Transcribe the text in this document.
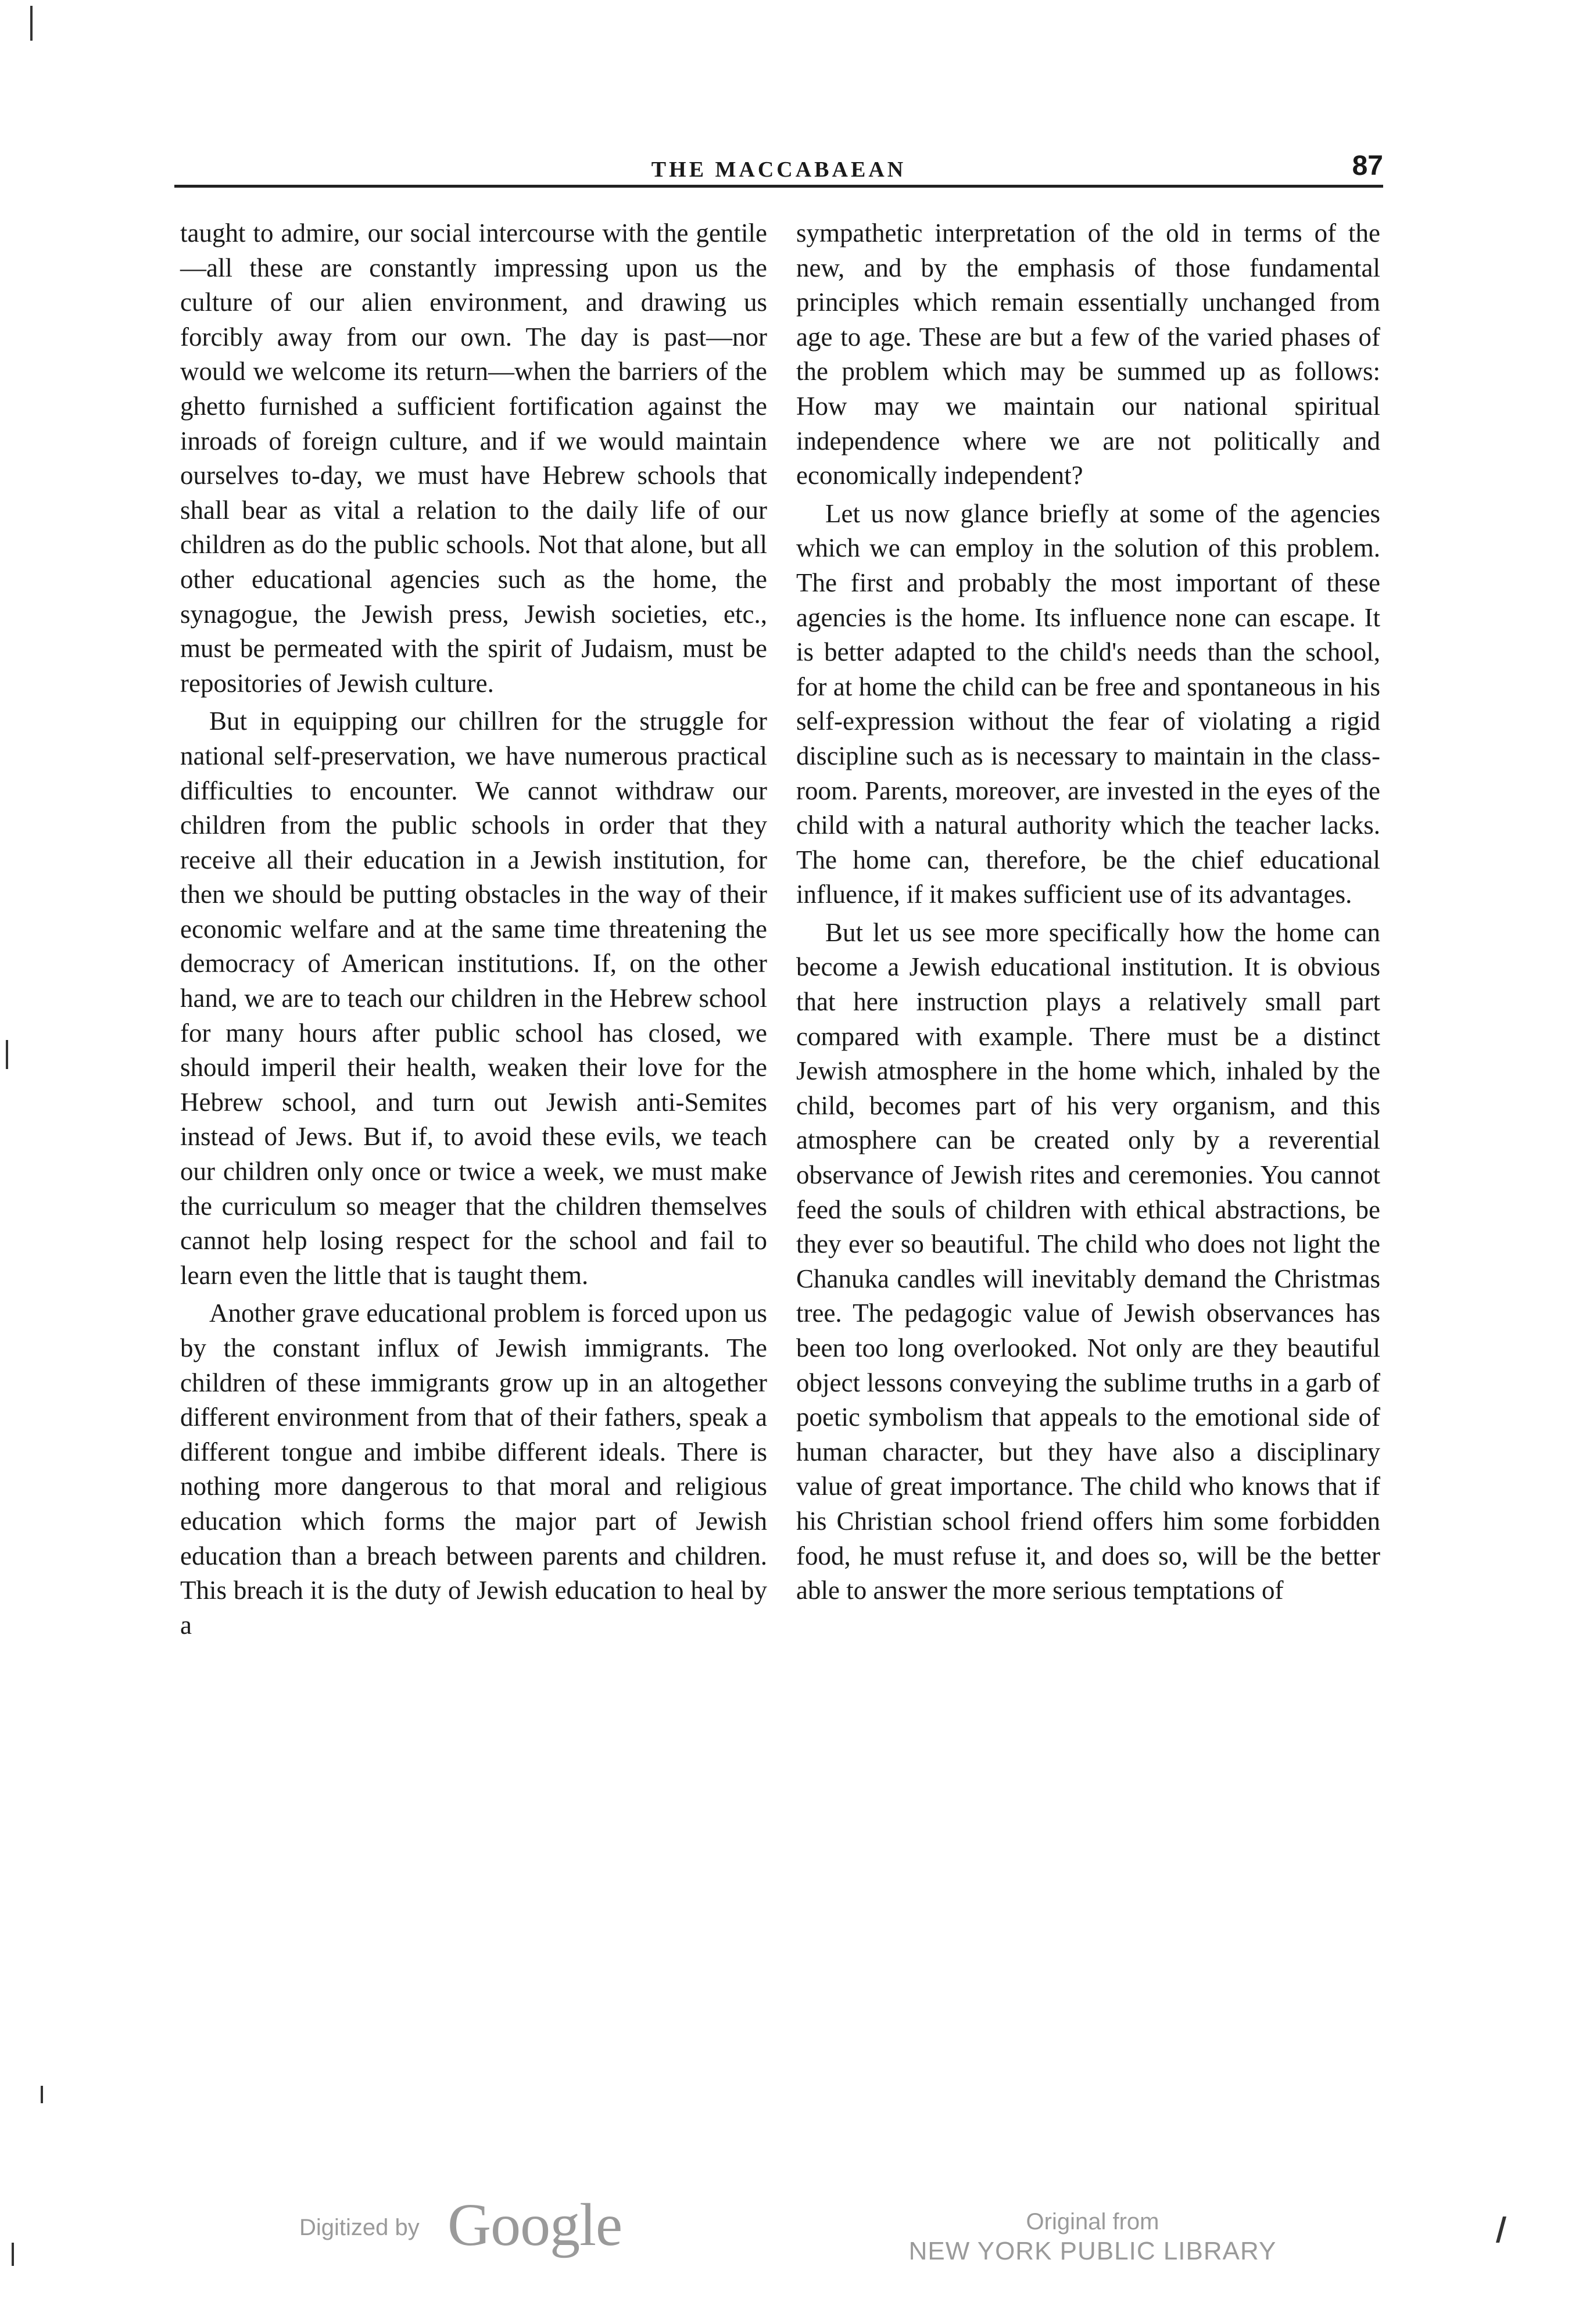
THE MACCABAEAN	87

taught to admire, our social intercourse with the gentile—all these are constantly impressing upon us the culture of our alien environment, and drawing us forcibly away from our own. The day is past—nor would we welcome its return—when the barriers of the ghetto furnished a sufficient fortification against the inroads of foreign culture, and if we would maintain ourselves to-day, we must have Hebrew schools that shall bear as vital a relation to the daily life of our children as do the public schools. Not that alone, but all other educational agencies such as the home, the synagogue, the Jewish press, Jewish societies, etc., must be permeated with the spirit of Judaism, must be repositories of Jewish culture.

But in equipping our chillren for the struggle for national self-preservation, we have numerous practical difficulties to encounter. We cannot withdraw our children from the public schools in order that they receive all their education in a Jewish institution, for then we should be putting obstacles in the way of their economic welfare and at the same time threatening the democracy of American institutions. If, on the other hand, we are to teach our children in the Hebrew school for many hours after public school has closed, we should imperil their health, weaken their love for the Hebrew school, and turn out Jewish anti-Semites instead of Jews. But if, to avoid these evils, we teach our children only once or twice a week, we must make the curriculum so meager that the children themselves cannot help losing respect for the school and fail to learn even the little that is taught them.

Another grave educational problem is forced upon us by the constant influx of Jewish immigrants. The children of these immigrants grow up in an altogether different environment from that of their fathers, speak a different tongue and imbibe different ideals. There is nothing more dangerous to that moral and religious education which forms the major part of Jewish education than a breach between parents and children. This breach it is the duty of Jewish education to heal by a

sympathetic interpretation of the old in terms of the new, and by the emphasis of those fundamental principles which remain essentially unchanged from age to age. These are but a few of the varied phases of the problem which may be summed up as follows: How may we maintain our national spiritual independence where we are not politically and economically independent?

Let us now glance briefly at some of the agencies which we can employ in the solution of this problem. The first and probably the most important of these agencies is the home. Its influence none can escape. It is better adapted to the child's needs than the school, for at home the child can be free and spontaneous in his self-expression without the fear of violating a rigid discipline such as is necessary to maintain in the class-room. Parents, moreover, are invested in the eyes of the child with a natural authority which the teacher lacks. The home can, therefore, be the chief educational influence, if it makes sufficient use of its advantages.

But let us see more specifically how the home can become a Jewish educational institution. It is obvious that here instruction plays a relatively small part compared with example. There must be a distinct Jewish atmosphere in the home which, inhaled by the child, becomes part of his very organism, and this atmosphere can be created only by a reverential observance of Jewish rites and ceremonies. You cannot feed the souls of children with ethical abstractions, be they ever so beautiful. The child who does not light the Chanuka candles will inevitably demand the Christmas tree. The pedagogic value of Jewish observances has been too long overlooked. Not only are they beautiful object lessons conveying the sublime truths in a garb of poetic symbolism that appeals to the emotional side of human character, but they have also a disciplinary value of great importance. The child who knows that if his Christian school friend offers him some forbidden food, he must refuse it, and does so, will be the better able to answer the more serious temptations of

Digitized by Google	Original from
NEW YORK PUBLIC LIBRARY
